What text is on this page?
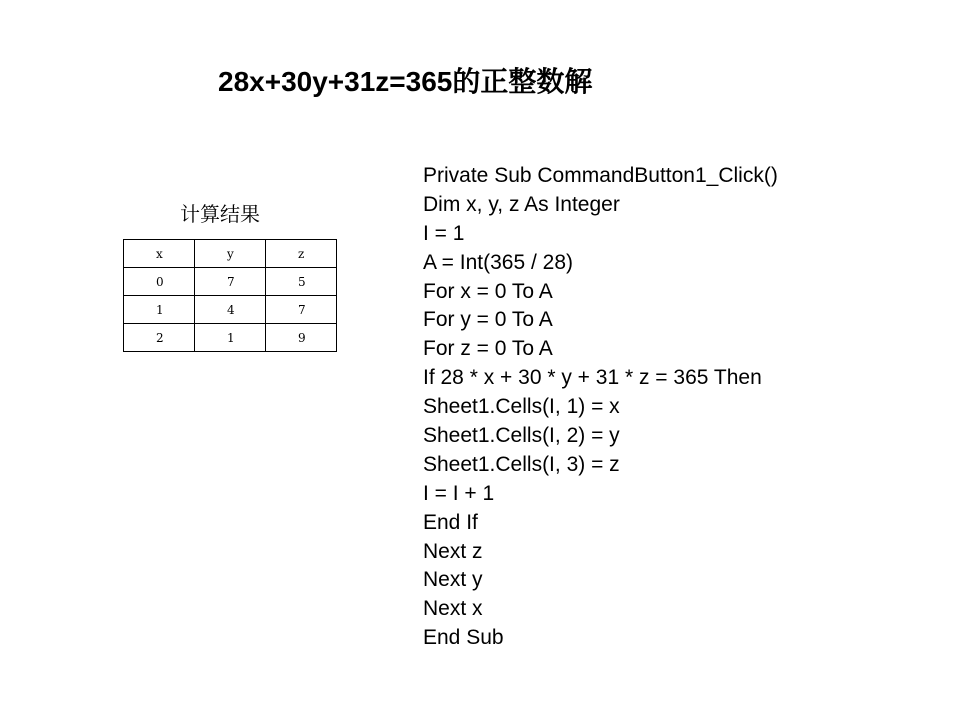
28x+30y+31z=365的正整数解
计算结果
x	y	z
0	7	5
1	4	7
2	1	9
Private Sub CommandButton1_Click()
Dim x, y, z As Integer
I = 1
A = Int(365 / 28)
For x = 0 To A
For y = 0 To A
For z = 0 To A
If 28 * x + 30 * y + 31 * z = 365 Then
Sheet1.Cells(I, 1) = x
Sheet1.Cells(I, 2) = y
Sheet1.Cells(I, 3) = z
I = I + 1
End If
Next z
Next y
Next x
End Sub
